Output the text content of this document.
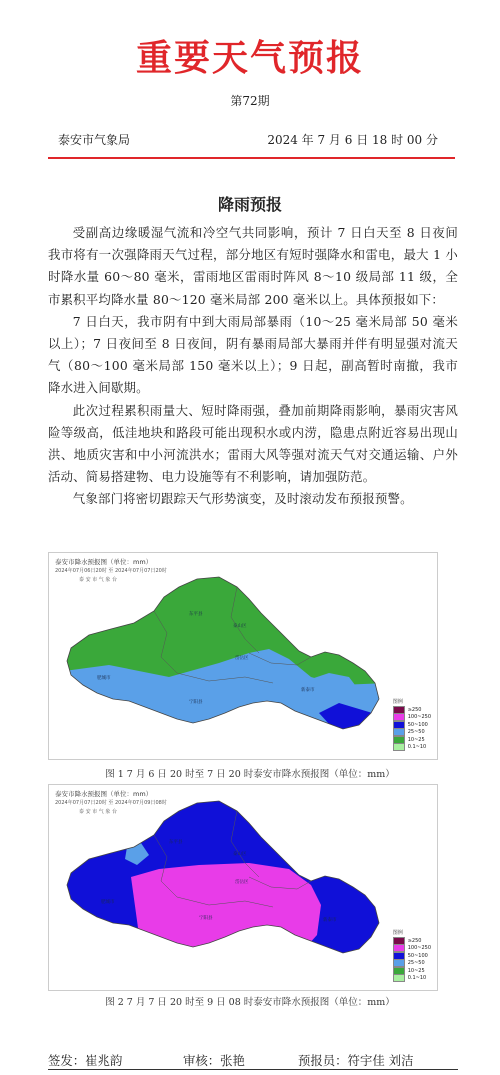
重要天气预报
第72期
泰安市气象局	2024 年 7 月 6 日 18 时 00 分
降雨预报

受副高边缘暖湿气流和冷空气共同影响，预计 7 日白天至 8 日夜间我市将有一次强降雨天气过程，部分地区有短时强降水和雷电，最大 1 小时降水量 60～80 毫米，雷雨地区雷雨时阵风 8～10 级局部 11 级，全市累积平均降水量 80～120 毫米局部 200 毫米以上。具体预报如下：

7 日白天，我市阴有中到大雨局部暴雨（10～25 毫米局部 50 毫米以上）；7 日夜间至 8 日夜间，阴有暴雨局部大暴雨并伴有明显强对流天气（80～100 毫米局部 150 毫米以上）；9 日起，副高暂时南撤，我市降水进入间歇期。

此次过程累积雨量大、短时降雨强，叠加前期降雨影响，暴雨灾害风险等级高，低洼地块和路段可能出现积水或内涝，隐患点附近容易出现山洪、地质灾害和中小河流洪水；雷雨大风等强对流天气对交通运输、户外活动、简易搭建物、电力设施等有不利影响，请加强防范。

气象部门将密切跟踪天气形势演变，及时滚动发布预报预警。

泰山区
岱岳区
肥城市
宁阳县
新泰市
东平县
泰安市降水预报图（单位：mm）
2024年07月06日20时 至 2024年07月07日20时
泰 安 市 气 象 台
图例
≥250
100~250
50~100
25~50
10~25
0.1~10
图 1 7 月 6 日 20 时至 7 日 20 时泰安市降水预报图（单位：mm）
泰山区
岱岳区
肥城市
东平县
宁阳县	新泰市
泰安市降水预报图（单位：mm）
2024年07月07日20时 至 2024年07月09日08时
泰 安 市 气 象 台
图例
≥250
100~250
50~100
25~50
10~25
0.1~10
图 2 7 月 7 日 20 时至 9 日 08 时泰安市降水预报图（单位：mm）
签发：崔兆韵	审核：张艳	预报员：符宇佳 刘洁
